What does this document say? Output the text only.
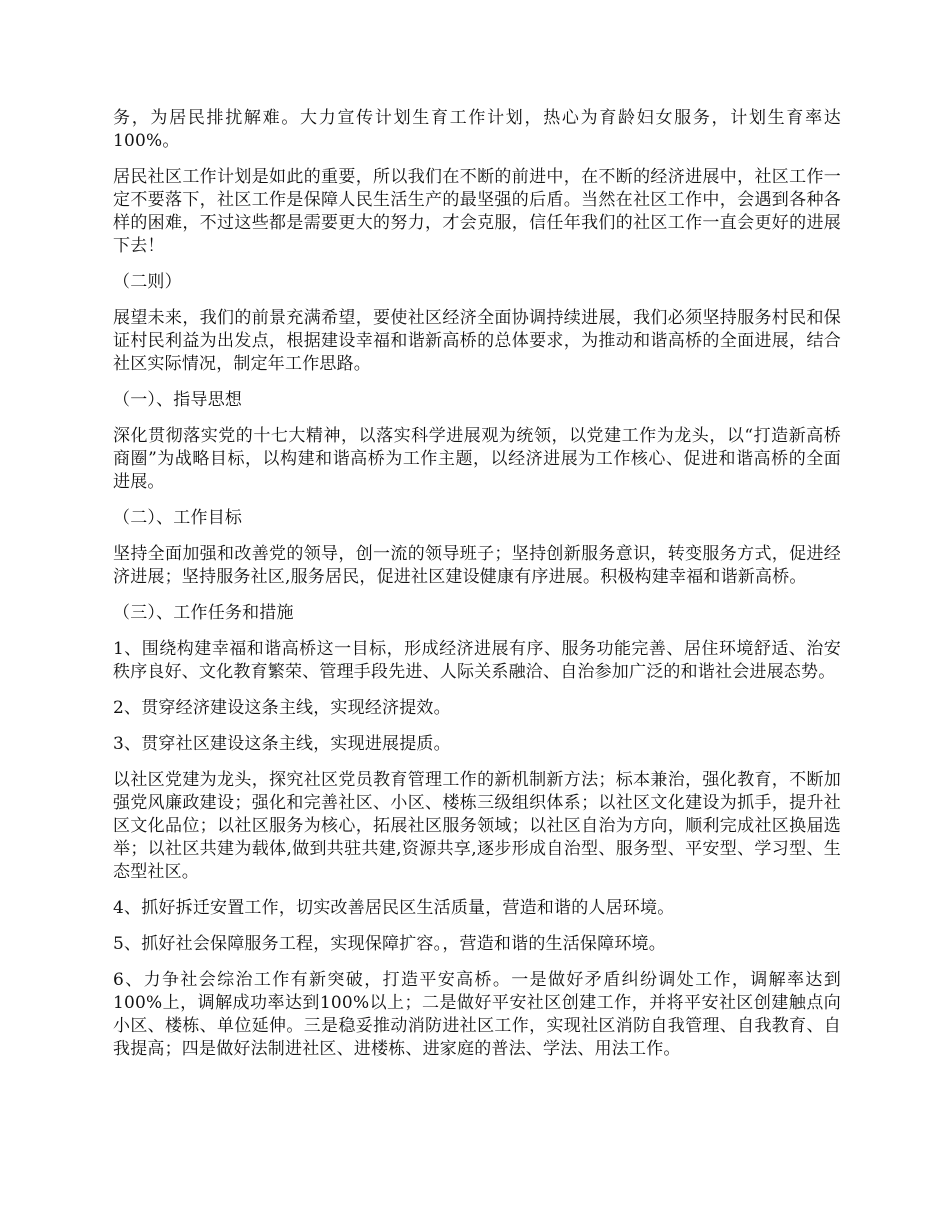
务，为居民排扰解难。大力宣传计划生育工作计划，热心为育龄妇女服务，计划生育率达100%。

居民社区工作计划是如此的重要，所以我们在不断的前进中，在不断的经济进展中，社区工作一定不要落下，社区工作是保障人民生活生产的最坚强的后盾。当然在社区工作中，会遇到各种各样的困难，不过这些都是需要更大的努力，才会克服，信任年我们的社区工作一直会更好的进展下去！

（二则）

展望未来，我们的前景充满希望，要使社区经济全面协调持续进展，我们必须坚持服务村民和保证村民利益为出发点，根据建设幸福和谐新高桥的总体要求，为推动和谐高桥的全面进展，结合社区实际情况，制定年工作思路。

（一）、指导思想

深化贯彻落实党的十七大精神，以落实科学进展观为统领，以党建工作为龙头，以“打造新高桥商圈”为战略目标，以构建和谐高桥为工作主题，以经济进展为工作核心、促进和谐高桥的全面进展。

（二）、工作目标

坚持全面加强和改善党的领导，创一流的领导班子；坚持创新服务意识，转变服务方式，促进经济进展；坚持服务社区,服务居民，促进社区建设健康有序进展。积极构建幸福和谐新高桥。

（三）、工作任务和措施

1、围绕构建幸福和谐高桥这一目标，形成经济进展有序、服务功能完善、居住环境舒适、治安秩序良好、文化教育繁荣、管理手段先进、人际关系融洽、自治参加广泛的和谐社会进展态势。

2、贯穿经济建设这条主线，实现经济提效。

3、贯穿社区建设这条主线，实现进展提质。

以社区党建为龙头，探究社区党员教育管理工作的新机制新方法；标本兼治，强化教育，不断加强党风廉政建设；强化和完善社区、小区、楼栋三级组织体系；以社区文化建设为抓手，提升社区文化品位；以社区服务为核心，拓展社区服务领域；以社区自治为方向，顺利完成社区换届选举；以社区共建为载体,做到共驻共建,资源共享,逐步形成自治型、服务型、平安型、学习型、生态型社区。

4、抓好拆迁安置工作，切实改善居民区生活质量，营造和谐的人居环境。

5、抓好社会保障服务工程，实现保障扩容。，营造和谐的生活保障环境。

6、力争社会综治工作有新突破，打造平安高桥。一是做好矛盾纠纷调处工作，调解率达到100%上，调解成功率达到100%以上；二是做好平安社区创建工作，并将平安社区创建触点向小区、楼栋、单位延伸。三是稳妥推动消防进社区工作，实现社区消防自我管理、自我教育、自我提高；四是做好法制进社区、进楼栋、进家庭的普法、学法、用法工作。
